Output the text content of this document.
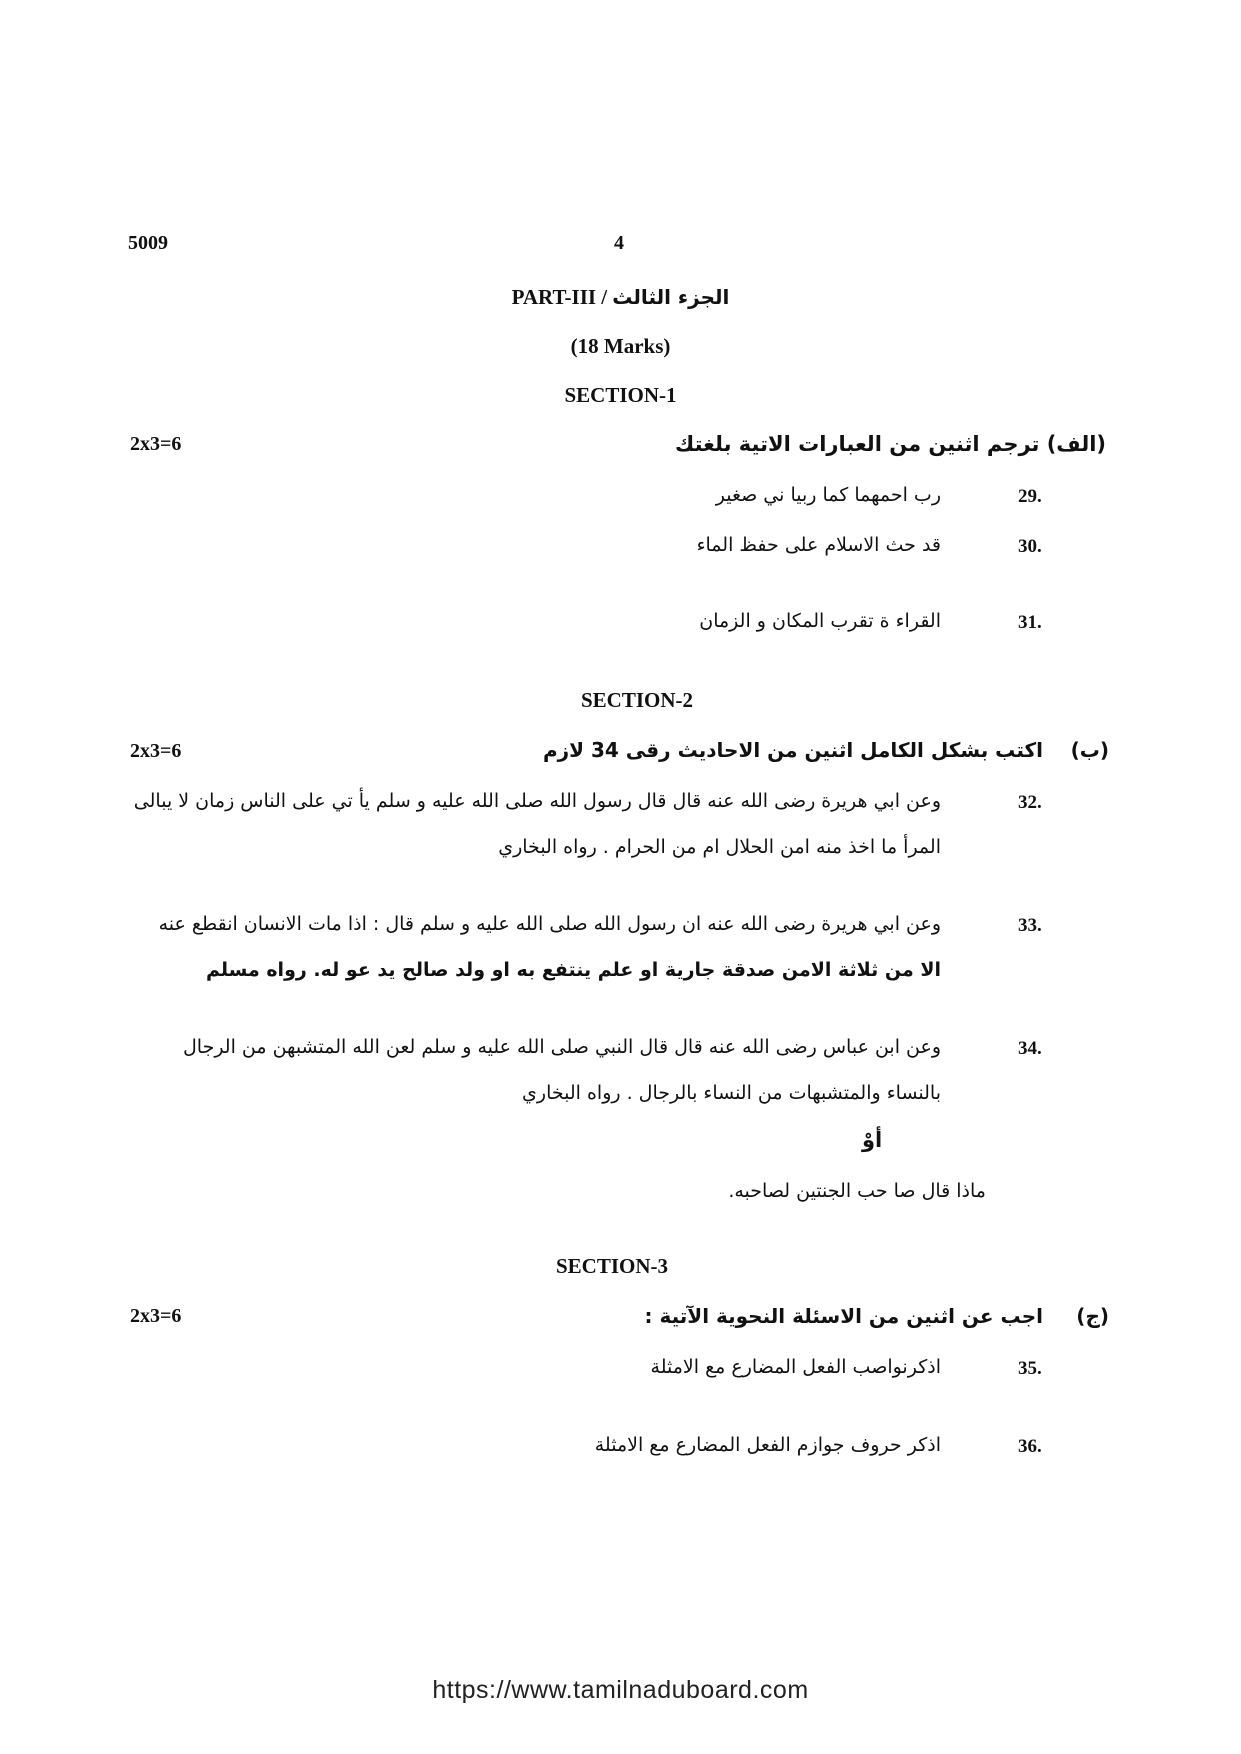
5009	4
PART-III / الجزء الثالث
(18 Marks)
SECTION-1
2x3=6	(الف) ترجم اثنين من العبارات الاتية بلغتك
29.
رب احمهما كما ربيا ني صغير
30.
قد حث الاسلام على حفظ الماء
31.
القراء ة تقرب المكان و الزمان
SECTION-2
2x3=6	(ب)
اكتب بشكل الكامل اثنين من الاحاديث رقى 34 لازم
32.
وعن ابي هريرة رضى الله عنه قال قال رسول الله صلى الله عليه و سلم يأ تي على الناس زمان لا يبالى
المرأ ما اخذ منه امن الحلال ام من الحرام . رواه البخاري
33.
وعن ابي هريرة رضى الله عنه ان رسول الله صلى الله عليه و سلم قال : اذا مات الانسان انقطع عنه
الا من ثلاثة الامن صدقة جارية او علم ينتفع به او ولد صالح يد عو له. رواه مسلم
34.
وعن ابن عباس رضى الله عنه قال قال النبي صلى الله عليه و سلم لعن الله المتشبهن من الرجال
بالنساء والمتشبهات من النساء بالرجال . رواه البخاري
أوْ
ماذا قال صا حب الجنتين لصاحبه.
SECTION-3
2x3=6	(ج)
اجب عن اثنين من الاسئلة النحوية الآتية :
35.
اذكرنواصب الفعل المضارع مع الامثلة
36.
اذكر حروف جوازم الفعل المضارع مع الامثلة
https://www.tamilnaduboard.com
